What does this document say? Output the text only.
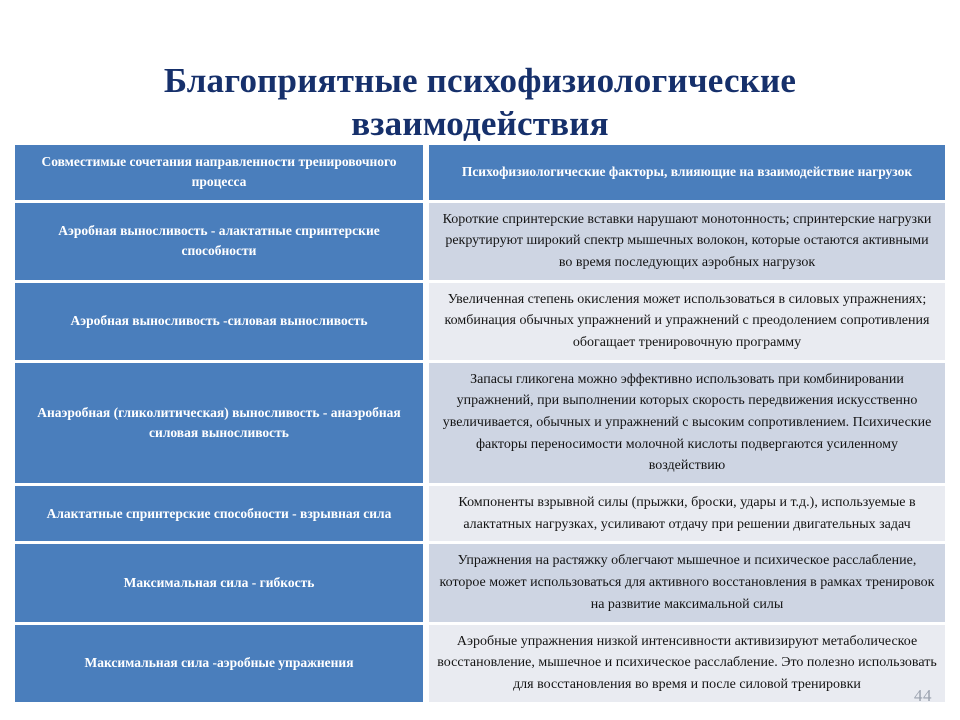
Благоприятные психофизиологические взаимодействия
Совместимые сочетания направленности тренировочного процесса		Психофизиологические факторы, влияющие на взаимодействие нагрузок
Аэробная выносливость - алактатные спринтерские способности		Короткие спринтерские вставки нарушают монотонность; спринтерские нагрузки рекрутируют широкий спектр мышечных волокон, которые остаются активными во время последующих аэробных нагрузок
Аэробная выносливость -силовая выносливость		Увеличенная степень окисления может использоваться в силовых упражнениях; комбинация обычных упражнений и упражнений с преодолением сопротивления обогащает тренировочную программу
Анаэробная (гликолитическая) выносливость - анаэробная силовая выносливость		Запасы гликогена можно эффективно использовать при комбинировании упражнений, при выполнении которых скорость передвижения искусственно увеличивается, обычных и упражнений с высоким сопротивлением. Психические факторы переносимости молочной кислоты подвергаются усиленному воздействию
Алактатные спринтерские способности - взрывная сила		Компоненты взрывной силы (прыжки, броски, удары и т.д.), используемые в алактатных нагрузках, усиливают отдачу при решении двигательных задач
Максимальная сила - гибкость		Упражнения на растяжку облегчают мышечное и психическое расслабление, которое может использоваться для активного восстановления в рамках тренировок на развитие максимальной силы
Максимальная сила -аэробные упражнения		Аэробные упражнения низкой интенсивности активизируют метаболическое восстановление, мышечное и психическое расслабление. Это полезно использовать для восстановления во время и после силовой тренировки
44
